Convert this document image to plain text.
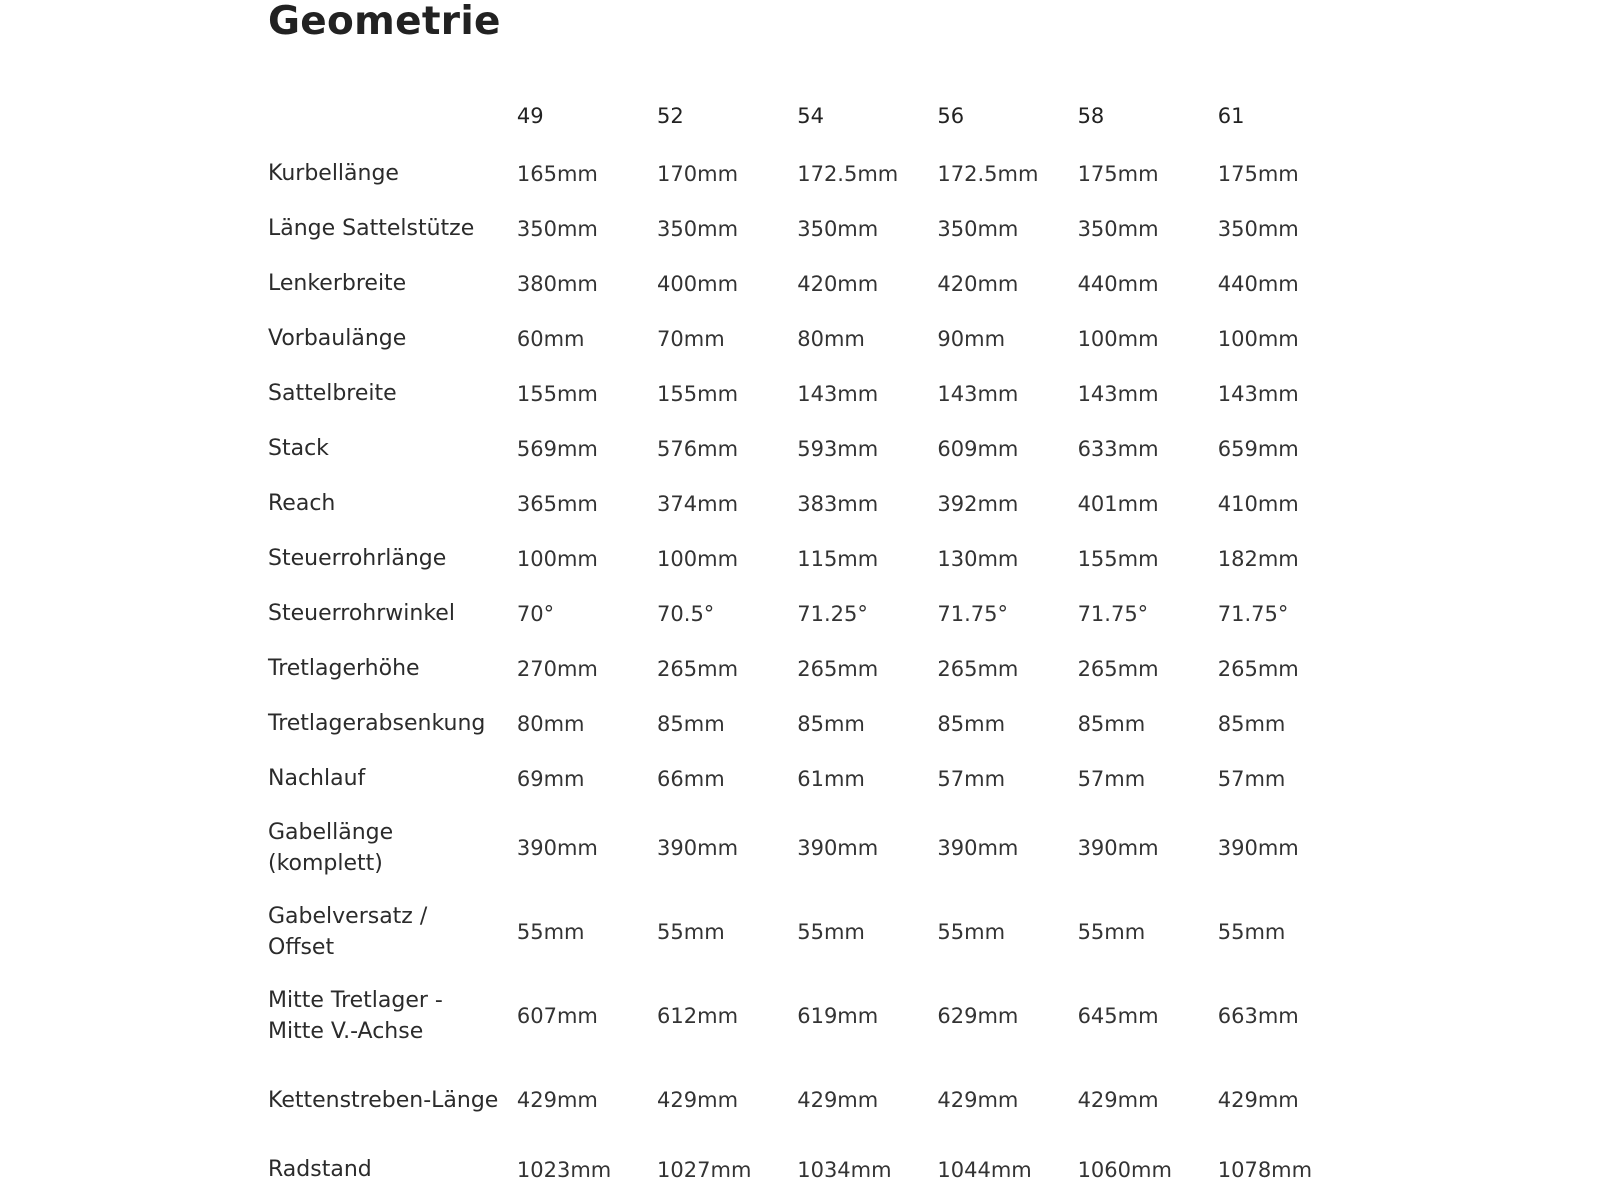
Geometrie
	49	52	54	56	58	61
Kurbellänge	165mm	170mm	172.5mm	172.5mm	175mm	175mm
Länge Sattelstütze	350mm	350mm	350mm	350mm	350mm	350mm
Lenkerbreite	380mm	400mm	420mm	420mm	440mm	440mm
Vorbaulänge	60mm	70mm	80mm	90mm	100mm	100mm
Sattelbreite	155mm	155mm	143mm	143mm	143mm	143mm
Stack	569mm	576mm	593mm	609mm	633mm	659mm
Reach	365mm	374mm	383mm	392mm	401mm	410mm
Steuerrohrlänge	100mm	100mm	115mm	130mm	155mm	182mm
Steuerrohrwinkel	70°	70.5°	71.25°	71.75°	71.75°	71.75°
Tretlagerhöhe	270mm	265mm	265mm	265mm	265mm	265mm
Tretlagerabsenkung	80mm	85mm	85mm	85mm	85mm	85mm
Nachlauf	69mm	66mm	61mm	57mm	57mm	57mm
Gabellänge (komplett)	390mm	390mm	390mm	390mm	390mm	390mm
Gabelversatz / Offset	55mm	55mm	55mm	55mm	55mm	55mm
Mitte Tretlager - Mitte V.-Achse	607mm	612mm	619mm	629mm	645mm	663mm
Kettenstreben-Länge	429mm	429mm	429mm	429mm	429mm	429mm
Radstand	1023mm	1027mm	1034mm	1044mm	1060mm	1078mm
